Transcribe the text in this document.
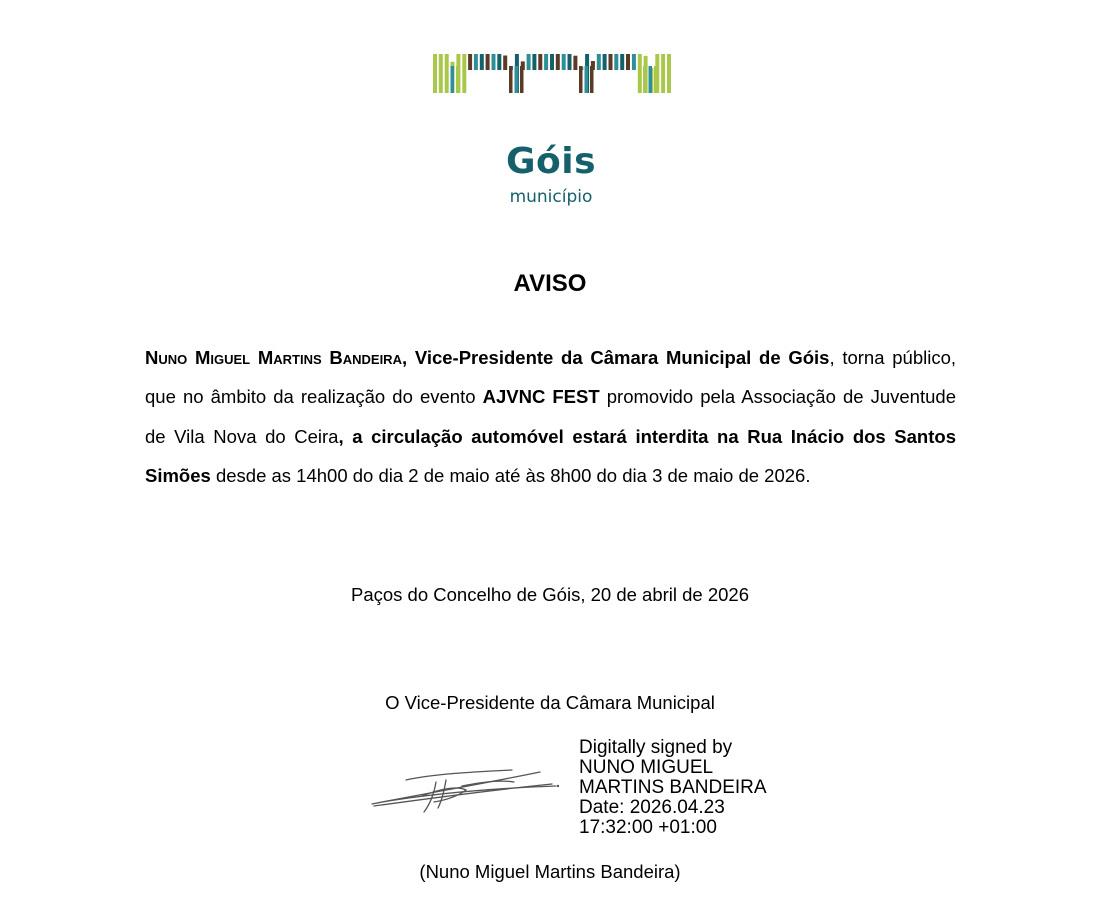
Góis
município
AVISO
Nuno Miguel Martins Bandeira, Vice-Presidente da Câmara Municipal de Góis, torna público, que no âmbito da realização do evento AJVNC FEST promovido pela Associação de Juventude de Vila Nova do Ceira, a circulação automóvel estará interdita na Rua Inácio dos Santos Simões desde as 14h00 do dia 2 de maio até às 8h00 do dia 3 de maio de 2026.
Paços do Concelho de Góis, 20 de abril de 2026
O Vice-Presidente da Câmara Municipal
Digitally signed by
NUNO MIGUEL
MARTINS BANDEIRA
Date: 2026.04.23
17:32:00 +01:00
(Nuno Miguel Martins Bandeira)
